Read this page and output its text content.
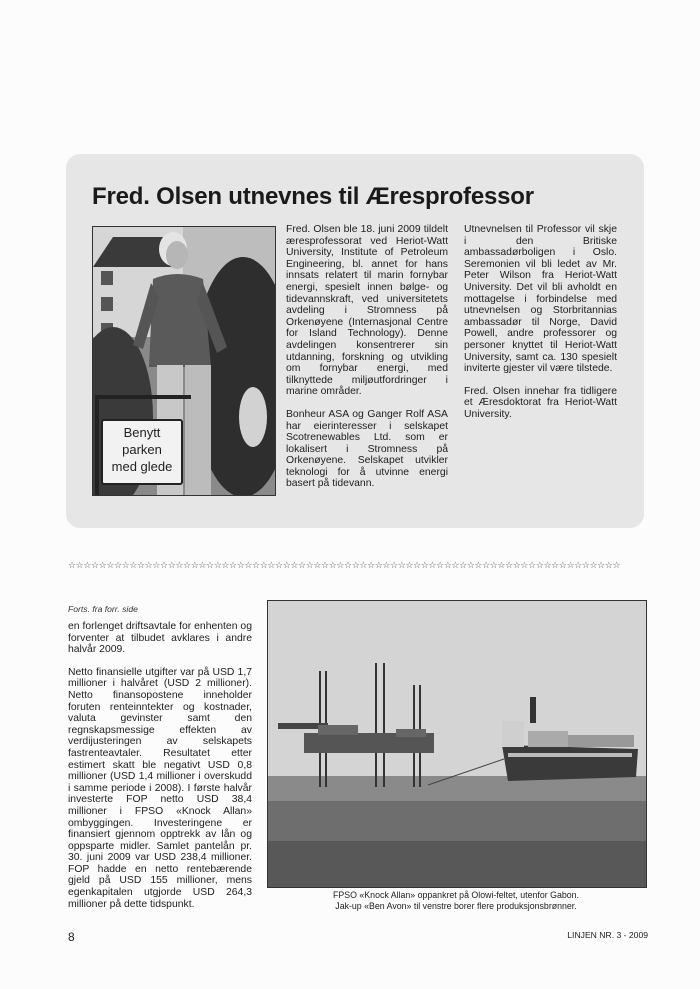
Fred. Olsen utnevnes til Æresprofessor
Benytt
parken
med glede

Fred. Olsen ble 18. juni 2009 tildelt æresprofessorat ved Heriot-Watt University, Institute of Petroleum Engineering, bl. annet for hans innsats relatert til marin fornybar energi, spesielt innen bølge- og tidevannskraft, ved universitetets avdeling i Stromness på Orkenøyene (Internasjonal Centre for Island Technology). Denne avdelingen konsentrerer sin utdanning, forskning og utvikling om fornybar energi, med tilknyttede miljøutfordringer i marine områder.

Bonheur ASA og Ganger Rolf ASA har eierinteresser i selskapet Scotrenewables Ltd. som er lokalisert i Stromness på Orkenøyene. Selskapet utvikler teknologi for å utvinne energi basert på tidevann.

Utnevnelsen til Professor vil skje i den Britiske ambassadørboligen i Oslo. Seremonien vil bli ledet av Mr. Peter Wilson fra Heriot-Watt University. Det vil bli avholdt en mottagelse i forbindelse med utnevnelsen og Storbritannias ambassadør til Norge, David Powell, andre professorer og personer knyttet til Heriot-Watt University, samt ca. 130 spesielt inviterte gjester vil være tilstede.

Fred. Olsen innehar fra tidligere et Æresdoktorat fra Heriot-Watt University.

☆☆☆☆☆☆☆☆☆☆☆☆☆☆☆☆☆☆☆☆☆☆☆☆☆☆☆☆☆☆☆☆☆☆☆☆☆☆☆☆☆☆☆☆☆☆☆☆☆☆☆☆☆☆☆☆☆☆☆☆☆☆☆☆☆☆☆☆☆☆☆☆
Forts. fra forr. side

en forlenget driftsavtale for enhenten og forventer at tilbudet avklares i andre halvår 2009.

Netto finansielle utgifter var på USD 1,7 millioner i halvåret (USD 2 millioner). Netto finansopostene inneholder foruten renteinntekter og kostnader, valuta gevinster samt den regnskapsmessige effekten av verdijusteringen av selskapets fastrenteavtaler. Resultatet etter estimert skatt ble negativt USD 0,8 millioner (USD 1,4 millioner i overskudd i samme periode i 2008). I første halvår investerte FOP netto USD 38,4 millioner i FPSO «Knock Allan» ombyggingen. Investeringene er finansiert gjennom opptrekk av lån og oppsparte midler. Samlet pantelån pr. 30. juni 2009 var USD 238,4 millioner. FOP hadde en netto rentebærende gjeld på USD 155 millioner, mens egenkapitalen utgjorde USD 264,3 millioner på dette tidspunkt.

FPSO «Knock Allan» oppankret på Olowi-feltet, utenfor Gabon.
Jak-up «Ben Avon» til venstre borer flere produksjonsbrønner.
8	LINJEN NR. 3 - 2009
